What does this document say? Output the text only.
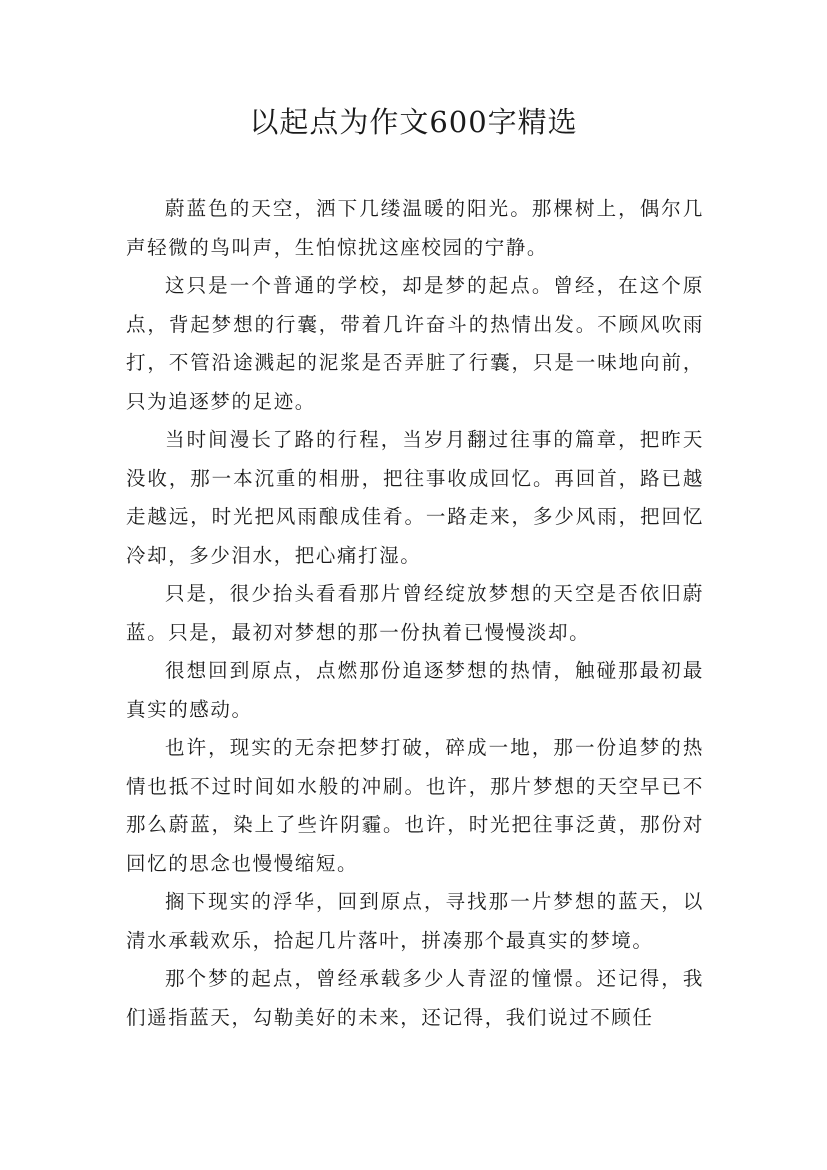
以起点为作文600字精选

蔚蓝色的天空，洒下几缕温暖的阳光。那棵树上，偶尔几声轻微的鸟叫声，生怕惊扰这座校园的宁静。

这只是一个普通的学校，却是梦的起点。曾经，在这个原点，背起梦想的行囊，带着几许奋斗的热情出发。不顾风吹雨打，不管沿途溅起的泥浆是否弄脏了行囊，只是一味地向前，只为追逐梦的足迹。

当时间漫长了路的行程，当岁月翻过往事的篇章，把昨天没收，那一本沉重的相册，把往事收成回忆。再回首，路已越走越远，时光把风雨酿成佳肴。一路走来，多少风雨，把回忆冷却，多少泪水，把心痛打湿。

只是，很少抬头看看那片曾经绽放梦想的天空是否依旧蔚蓝。只是，最初对梦想的那一份执着已慢慢淡却。

很想回到原点，点燃那份追逐梦想的热情，触碰那最初最真实的感动。

也许，现实的无奈把梦打破，碎成一地，那一份追梦的热情也抵不过时间如水般的冲刷。也许，那片梦想的天空早已不那么蔚蓝，染上了些许阴霾。也许，时光把往事泛黄，那份对回忆的思念也慢慢缩短。

搁下现实的浮华，回到原点，寻找那一片梦想的蓝天，以清水承载欢乐，拾起几片落叶，拼凑那个最真实的梦境。

那个梦的起点，曾经承载多少人青涩的憧憬。还记得，我们遥指蓝天，勾勒美好的未来，还记得，我们说过不顾任
